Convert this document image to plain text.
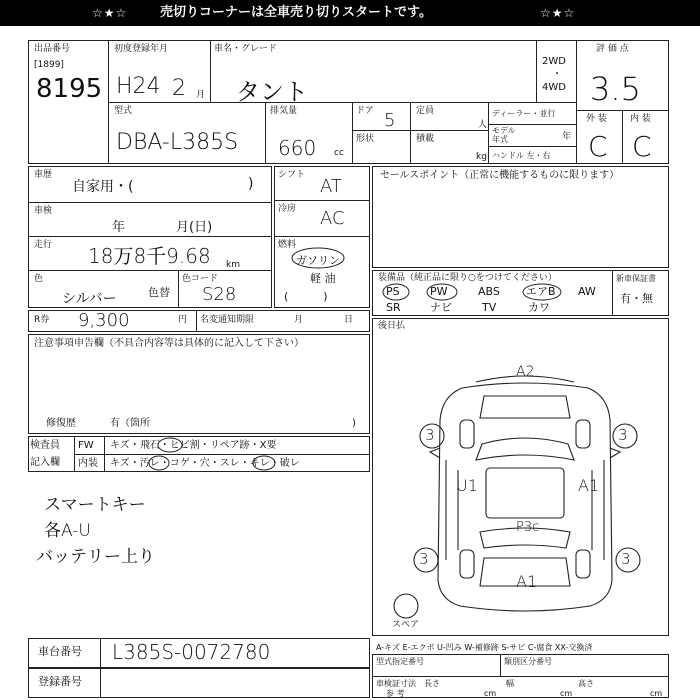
☆★☆	売切りコーナーは全車売り切りスタートです。	☆★☆
出品番号
[1899]
8195
初度登録年月
H24 2 月
車名・グレード
タント
2WD
・
4WD
評 価 点
3.5
型式
DBA-L385S
排気量
660 cc
ドア 5 定員
人
形状	積載
kg
ディーラー・並行
モデル
年式	年
ハンドル 左・右
外 装	内 装
C C
車歴
自家用・(	)
車検
年	月(日)
走行 18万8千9.68 km
色
シルバー	色替
色コード
S28
シフト
AT
冷房 AC
燃料
ガソリン
軽 油
(          )
セールスポイント（正常に機能するものに限ります）
装備品（純正品に限り○をつけてください）
PS	PW	ABS エアB AW
SR	ナビ	TV	カワ
新車保証書
有・無
R券 9,300	円 名変通知期限	月	日
注意事項申告欄（不具合内容等は具体的に記入して下さい）
修復歴	有（箇所	)
後日払
検査員
記入欄
FW キズ・飛石・ヒビ割・リペア跡・X要
内装 キズ・汚レ・コゲ・穴・スレ・キレ・破レ
スマートキー
各A-U
バッテリー上り
A2
3	3
U1	A1
P3c
3	3
A1
スペア
A-キズ E-エクボ U-凹み W-補修跡 S-サビ C-腐食 XX-交換済
型式指定番号	類別区分番号
車検証寸法
参 考
長さ
cm
幅
cm
高さ
cm
車台番号 L385S-0072780
登録番号
